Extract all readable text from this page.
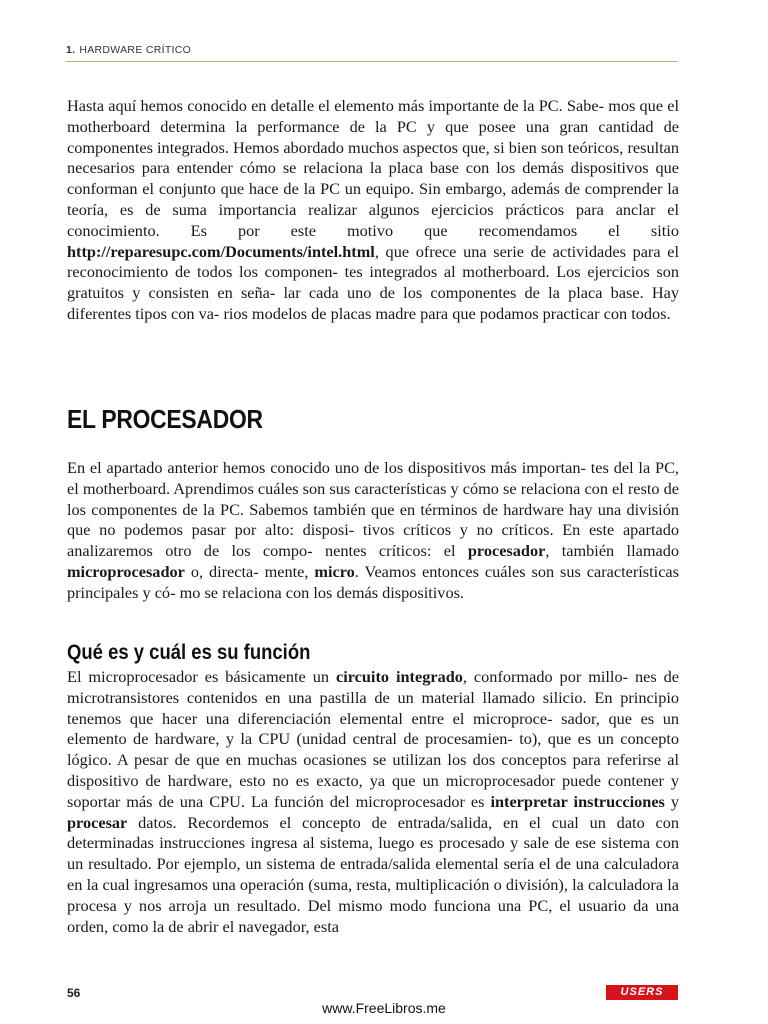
1. HARDWARE CRÍTICO

Hasta aquí hemos conocido en detalle el elemento más importante de la PC. Sabe- mos que el motherboard determina la performance de la PC y que posee una gran cantidad de componentes integrados. Hemos abordado muchos aspectos que, si bien son teóricos, resultan necesarios para entender cómo se relaciona la placa base con los demás dispositivos que conforman el conjunto que hace de la PC un equipo. Sin embargo, además de comprender la teoría, es de suma importancia realizar algunos ejercicios prácticos para anclar el conocimiento. Es por este motivo que recomendamos el sitio http://reparesupc.com/Documents/intel.html, que ofrece una serie de actividades para el reconocimiento de todos los componen- tes integrados al motherboard. Los ejercicios son gratuitos y consisten en seña- lar cada uno de los componentes de la placa base. Hay diferentes tipos con va- rios modelos de placas madre para que podamos practicar con todos.

EL PROCESADOR

En el apartado anterior hemos conocido uno de los dispositivos más importan- tes del la PC, el motherboard. Aprendimos cuáles son sus características y cómo se relaciona con el resto de los componentes de la PC. Sabemos también que en términos de hardware hay una división que no podemos pasar por alto: disposi- tivos críticos y no críticos. En este apartado analizaremos otro de los compo- nentes críticos: el procesador, también llamado microprocesador o, directa- mente, micro. Veamos entonces cuáles son sus características principales y có- mo se relaciona con los demás dispositivos.

Qué es y cuál es su función

El microprocesador es básicamente un circuito integrado, conformado por millo- nes de microtransistores contenidos en una pastilla de un material llamado silicio. En principio tenemos que hacer una diferenciación elemental entre el microproce- sador, que es un elemento de hardware, y la CPU (unidad central de procesamien- to), que es un concepto lógico. A pesar de que en muchas ocasiones se utilizan los dos conceptos para referirse al dispositivo de hardware, esto no es exacto, ya que un microprocesador puede contener y soportar más de una CPU. La función del microprocesador es interpretar instrucciones y procesar datos. Recordemos el concepto de entrada/salida, en el cual un dato con determinadas instrucciones ingresa al sistema, luego es procesado y sale de ese sistema con un resultado. Por ejemplo, un sistema de entrada/salida elemental sería el de una calculadora en la cual ingresamos una operación (suma, resta, multiplicación o división), la calculadora la procesa y nos arroja un resultado. Del mismo modo funciona una PC, el usuario da una orden, como la de abrir el navegador, esta

56	USERS
www.FreeLibros.me
